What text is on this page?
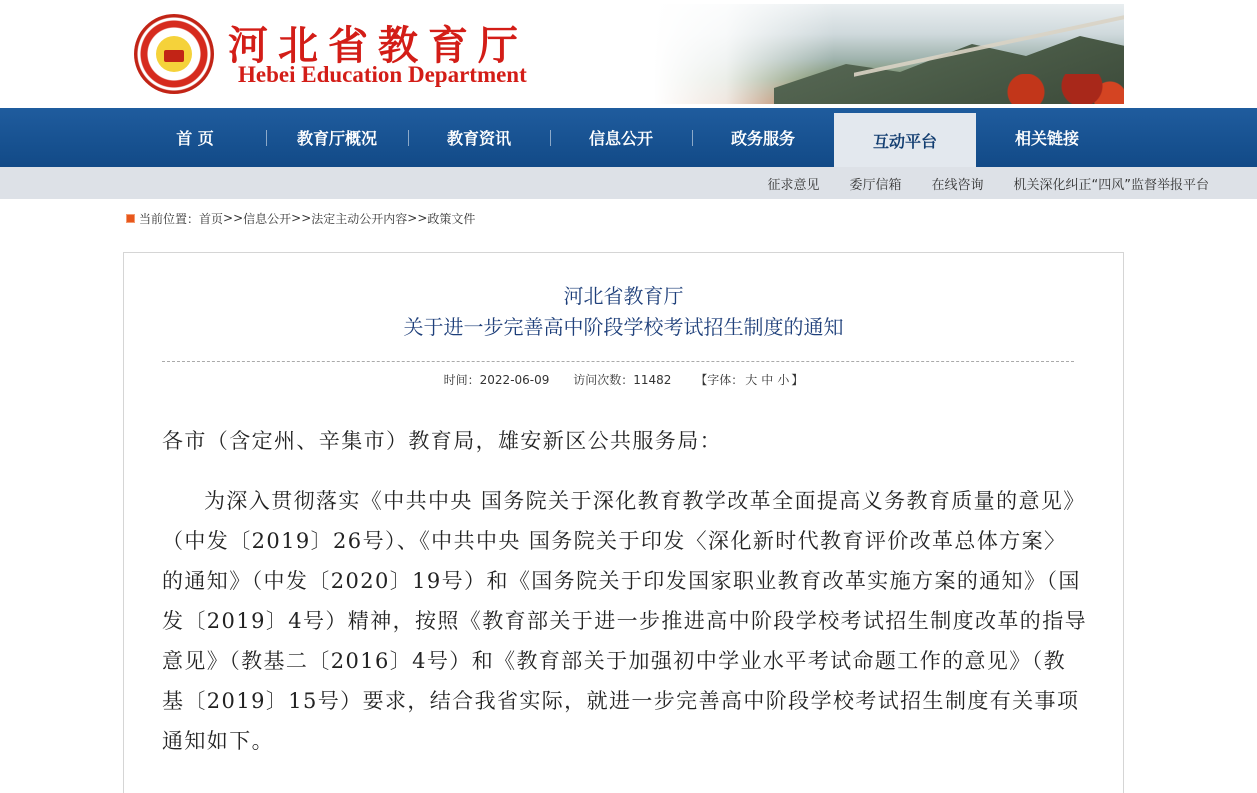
河北省教育厅
Hebei Education Department
首 页	教育厅概况	教育资讯	信息公开	政务服务	互动平台	相关链接
征求意见 委厅信箱 在线咨询 机关深化纠正“四风”监督举报平台
当前位置： 首页 >> 信息公开 >> 法定主动公开内容 >> 政策文件
河北省教育厅
关于进一步完善高中阶段学校考试招生制度的通知
时间：2022-06-09 访问次数：11482 【字体： 大 中 小 】

各市（含定州、辛集市）教育局，雄安新区公共服务局：

为深入贯彻落实《中共中央 国务院关于深化教育教学改革全面提高义务教育质量的意见》（中发〔2019〕26号）、《中共中央 国务院关于印发〈深化新时代教育评价改革总体方案〉的通知》（中发〔2020〕19号）和《国务院关于印发国家职业教育改革实施方案的通知》（国发〔2019〕4号）精神，按照《教育部关于进一步推进高中阶段学校考试招生制度改革的指导意见》（教基二〔2016〕4号）和《教育部关于加强初中学业水平考试命题工作的意见》（教基〔2019〕15号）要求，结合我省实际，就进一步完善高中阶段学校考试招生制度有关事项通知如下。
